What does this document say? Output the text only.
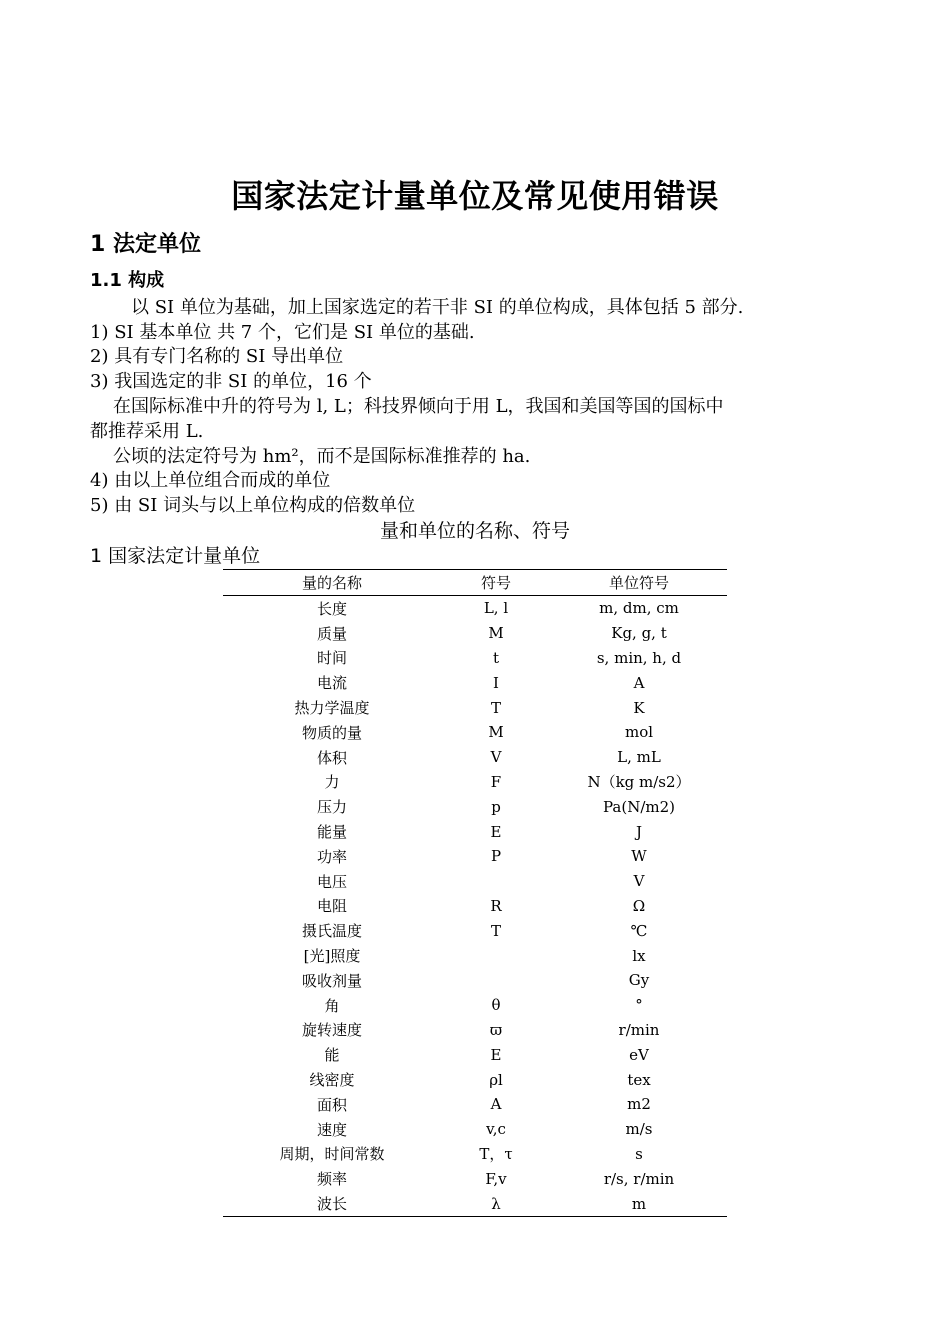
国家法定计量单位及常见使用错误
1 法定单位
1.1 构成

以 SI 单位为基础，加上国家选定的若干非 SI 的单位构成，具体包括 5 部分.

1) SI 基本单位 共 7 个，它们是 SI 单位的基础.

2) 具有专门名称的 SI 导出单位

3) 我国选定的非 SI 的单位，16 个

在国际标准中升的符号为 l, L；科技界倾向于用 L，我国和美国等国的国标中

都推荐采用 L.

公顷的法定符号为 hm²，而不是国际标准推荐的 ha.

4) 由以上单位组合而成的单位

5) 由 SI 词头与以上单位构成的倍数单位

量和单位的名称、符号

1 国家法定计量单位

量的名称	符号	单位符号
长度	L, l	m, dm, cm
质量	M	Kg, g, t
时间	t	s, min, h, d
电流	I	A
热力学温度	T	K
物质的量	M	mol
体积	V	L, mL
力	F	N（kg m/s2）
压力	p	Pa(N/m2)
能量	E	J
功率	P	W
电压		V
电阻	R	Ω
摄氏温度	T	℃
[光]照度		lx
吸收剂量		Gy
角	θ	°
旋转速度	ϖ	r/min
能	E	eV
线密度	ρl	tex
面积	A	m2
速度	v,c	m/s
周期，时间常数	T，τ	s
频率	F,v	r/s, r/min
波长	λ	m
